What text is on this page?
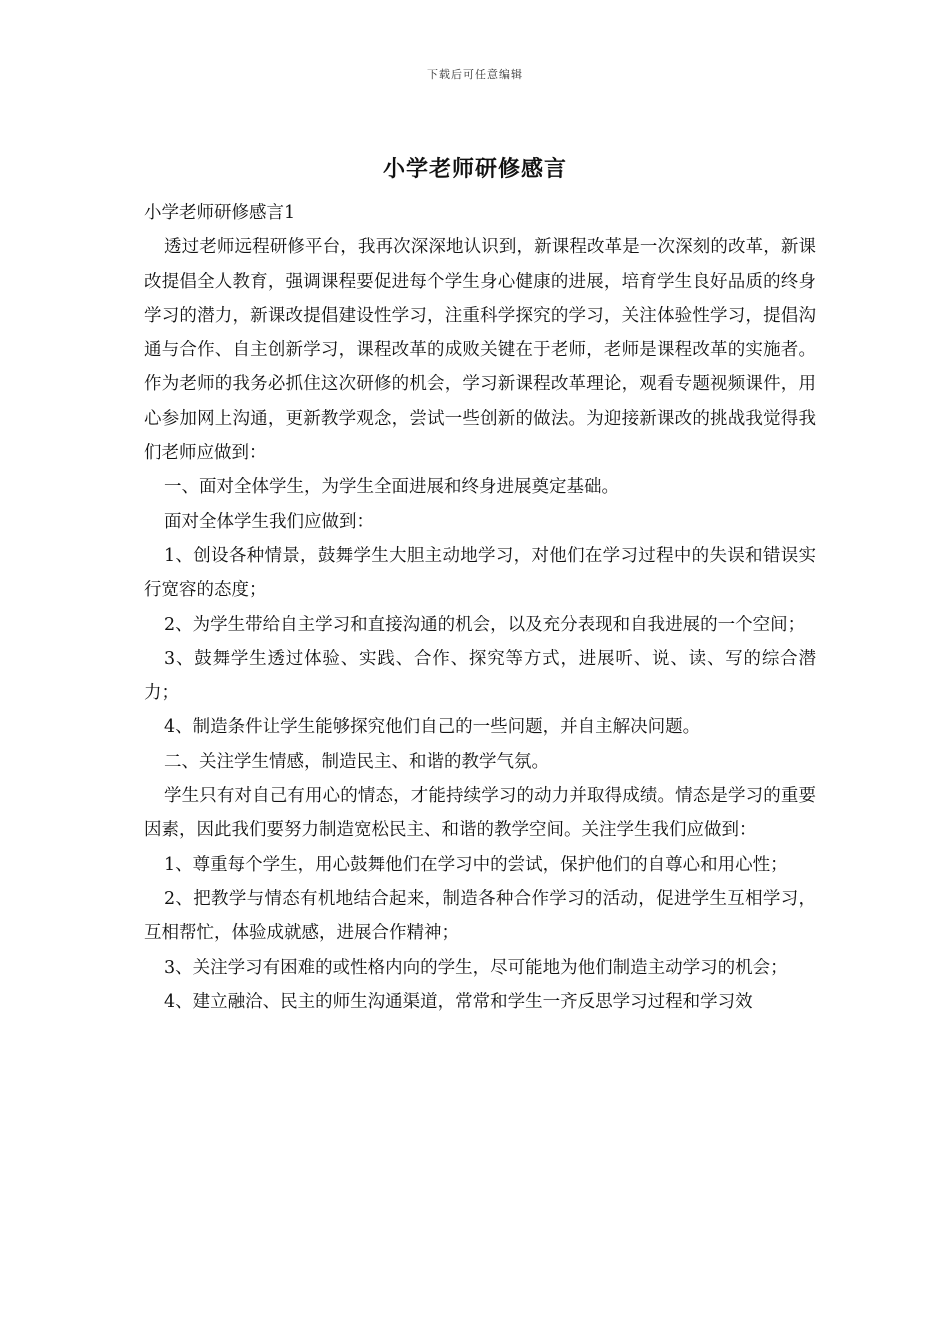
下载后可任意编辑
小学老师研修感言

小学老师研修感言1

透过老师远程研修平台，我再次深深地认识到，新课程改革是一次深刻的改革，新课改提倡全人教育，强调课程要促进每个学生身心健康的进展，培育学生良好品质的终身学习的潜力，新课改提倡建设性学习，注重科学探究的学习，关注体验性学习，提倡沟通与合作、自主创新学习，课程改革的成败关键在于老师，老师是课程改革的实施者。作为老师的我务必抓住这次研修的机会，学习新课程改革理论，观看专题视频课件，用心参加网上沟通，更新教学观念，尝试一些创新的做法。为迎接新课改的挑战我觉得我们老师应做到：

一、面对全体学生，为学生全面进展和终身进展奠定基础。

面对全体学生我们应做到：

1、创设各种情景，鼓舞学生大胆主动地学习，对他们在学习过程中的失误和错误实行宽容的态度；

2、为学生带给自主学习和直接沟通的机会，以及充分表现和自我进展的一个空间；

3、鼓舞学生透过体验、实践、合作、探究等方式，进展听、说、读、写的综合潜力；

4、制造条件让学生能够探究他们自己的一些问题，并自主解决问题。

二、关注学生情感，制造民主、和谐的教学气氛。

学生只有对自己有用心的情态，才能持续学习的动力并取得成绩。情态是学习的重要因素，因此我们要努力制造宽松民主、和谐的教学空间。关注学生我们应做到：

1、尊重每个学生，用心鼓舞他们在学习中的尝试，保护他们的自尊心和用心性；

2、把教学与情态有机地结合起来，制造各种合作学习的活动，促进学生互相学习，互相帮忙，体验成就感，进展合作精神；

3、关注学习有困难的或性格内向的学生，尽可能地为他们制造主动学习的机会；

4、建立融洽、民主的师生沟通渠道，常常和学生一齐反思学习过程和学习效
